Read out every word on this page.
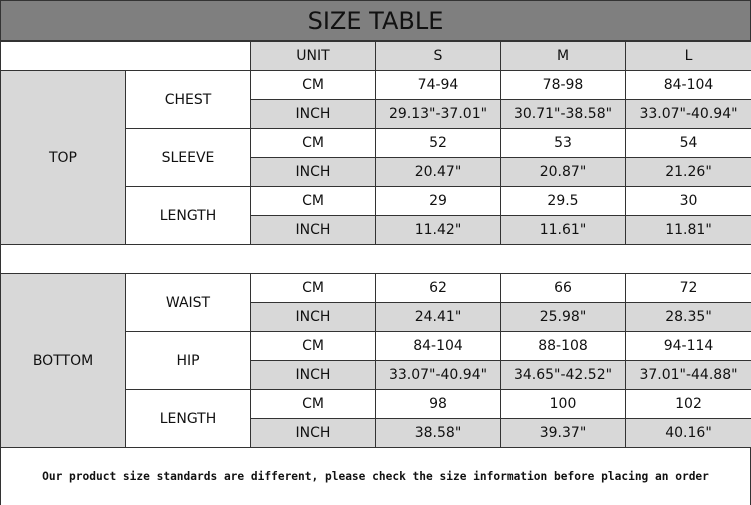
SIZE TABLE
		UNIT	S	M	L
TOP	CHEST	CM	74-94	78-98	84-104
		INCH	29.13"-37.01"	30.71"-38.58"	33.07"-40.94"
	SLEEVE	CM	52	53	54
		INCH	20.47"	20.87"	21.26"
	LENGTH	CM	29	29.5	30
		INCH	11.42"	11.61"	11.81"

BOTTOM	WAIST	CM	62	66	72
		INCH	24.41"	25.98"	28.35"
	HIP	CM	84-104	88-108	94-114
		INCH	33.07"-40.94"	34.65"-42.52"	37.01"-44.88"
	LENGTH	CM	98	100	102
		INCH	38.58"	39.37"	40.16"
Our product size standards are different, please check the size information before placing an order
